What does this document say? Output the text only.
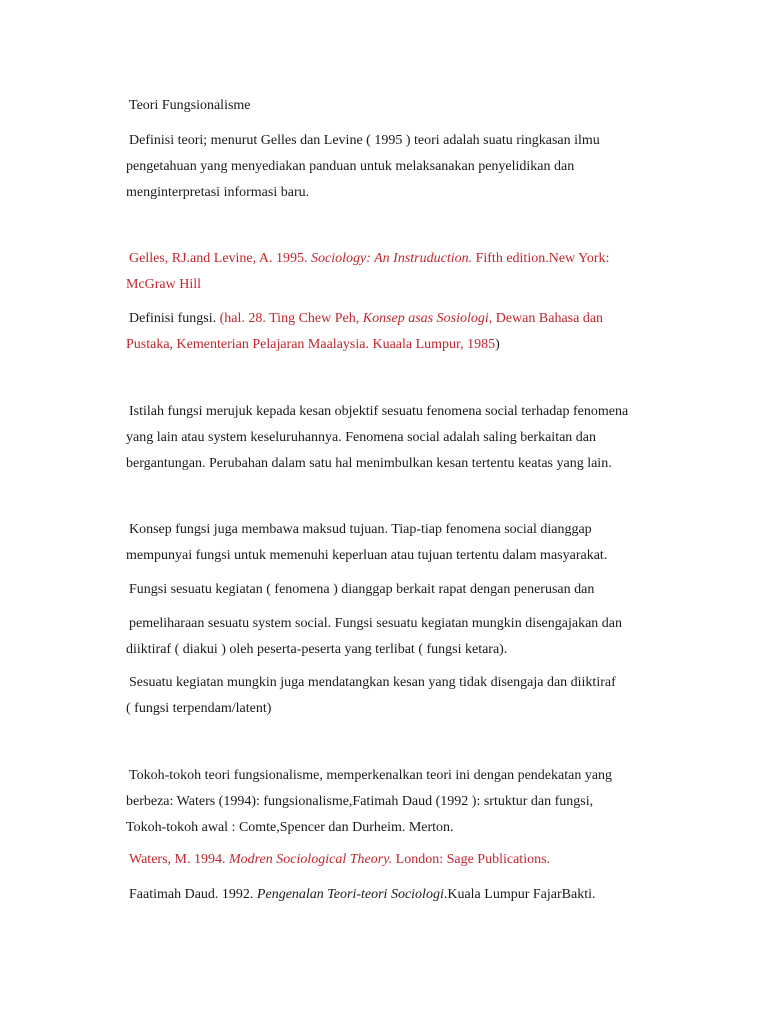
Teori Fungsionalisme
Definisi teori; menurut Gelles dan Levine ( 1995 ) teori adalah suatu ringkasan ilmu
pengetahuan yang menyediakan panduan untuk melaksanakan penyelidikan dan
menginterpretasi informasi baru.
Gelles, RJ.and Levine, A. 1995. Sociology: An Instruduction. Fifth edition.New York:
McGraw Hill
Definisi fungsi. (hal. 28. Ting Chew Peh, Konsep asas Sosiologi, Dewan Bahasa dan
Pustaka, Kementerian Pelajaran Maalaysia. Kuaala Lumpur, 1985)
Istilah fungsi merujuk kepada kesan objektif sesuatu fenomena social terhadap fenomena
yang lain atau system keseluruhannya. Fenomena social adalah saling berkaitan dan
bergantungan. Perubahan dalam satu hal menimbulkan kesan tertentu keatas yang lain.
Konsep fungsi juga membawa maksud tujuan. Tiap-tiap fenomena social dianggap
mempunyai fungsi untuk memenuhi keperluan atau tujuan tertentu dalam masyarakat.
Fungsi sesuatu kegiatan ( fenomena ) dianggap berkait rapat dengan penerusan dan
pemeliharaan sesuatu system social. Fungsi sesuatu kegiatan mungkin disengajakan dan
diiktiraf ( diakui ) oleh peserta-peserta yang terlibat ( fungsi ketara).
Sesuatu kegiatan mungkin juga mendatangkan kesan yang tidak disengaja dan diiktiraf
( fungsi terpendam/latent)
Tokoh-tokoh teori fungsionalisme, memperkenalkan teori ini dengan pendekatan yang
berbeza: Waters (1994): fungsionalisme,Fatimah Daud (1992 ): srtuktur dan fungsi,
Tokoh-tokoh awal : Comte,Spencer dan Durheim. Merton.
Waters, M. 1994. Modren Sociological Theory. London: Sage Publications.
Faatimah Daud. 1992. Pengenalan Teori-teori Sociologi.Kuala Lumpur FajarBakti.
